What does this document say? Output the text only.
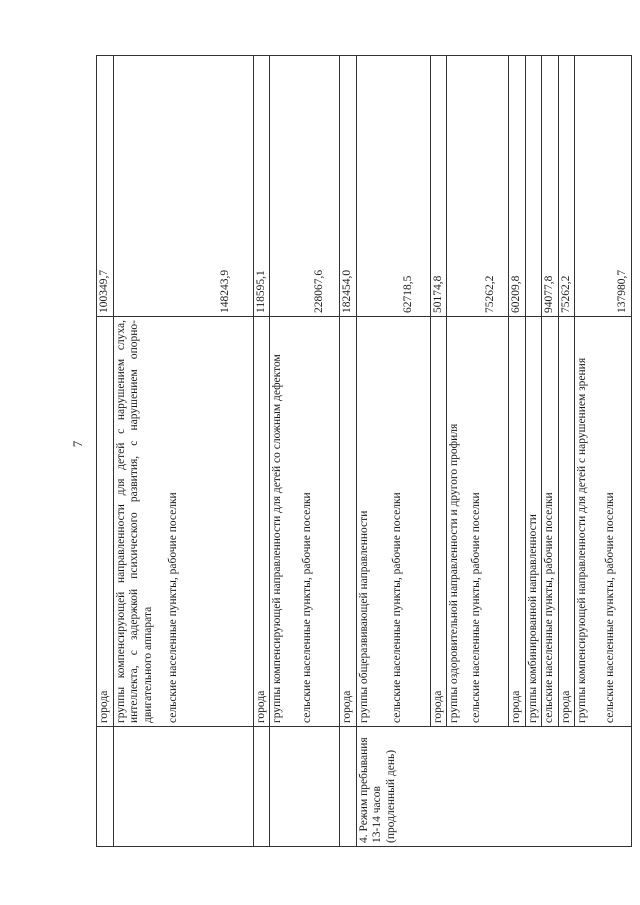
7
	города	100349,7

	группы компенсирующей направленности для детей с нарушением слуха, интеллекта, с задержкой психического развития, с нарушением опорно-двигательного аппарата сельские населенные пункты, рабочие поселки	148243,9

	города	118595,1

	группы компенсирующей направленности для детей со сложным дефектом сельские населенные пункты, рабочие поселки	228067,6

	города	182454,0
4. Режим пребывания 13-14 часов (продленный день)	группы общеразвивающей направленности сельские населенные пункты, рабочие поселки	62718,5

	города	50174,8

	группы оздоровительной направленности и другого профиля сельские населенные пункты, рабочие поселки	75262,2

	города	60209,8
	группы комбинированной направленности	
	сельские населенные пункты, рабочие поселки	94077,8
	города	75262,2

	группы компенсирующей направленности для детей с нарушением зрения сельские населенные пункты, рабочие поселки	137980,7
